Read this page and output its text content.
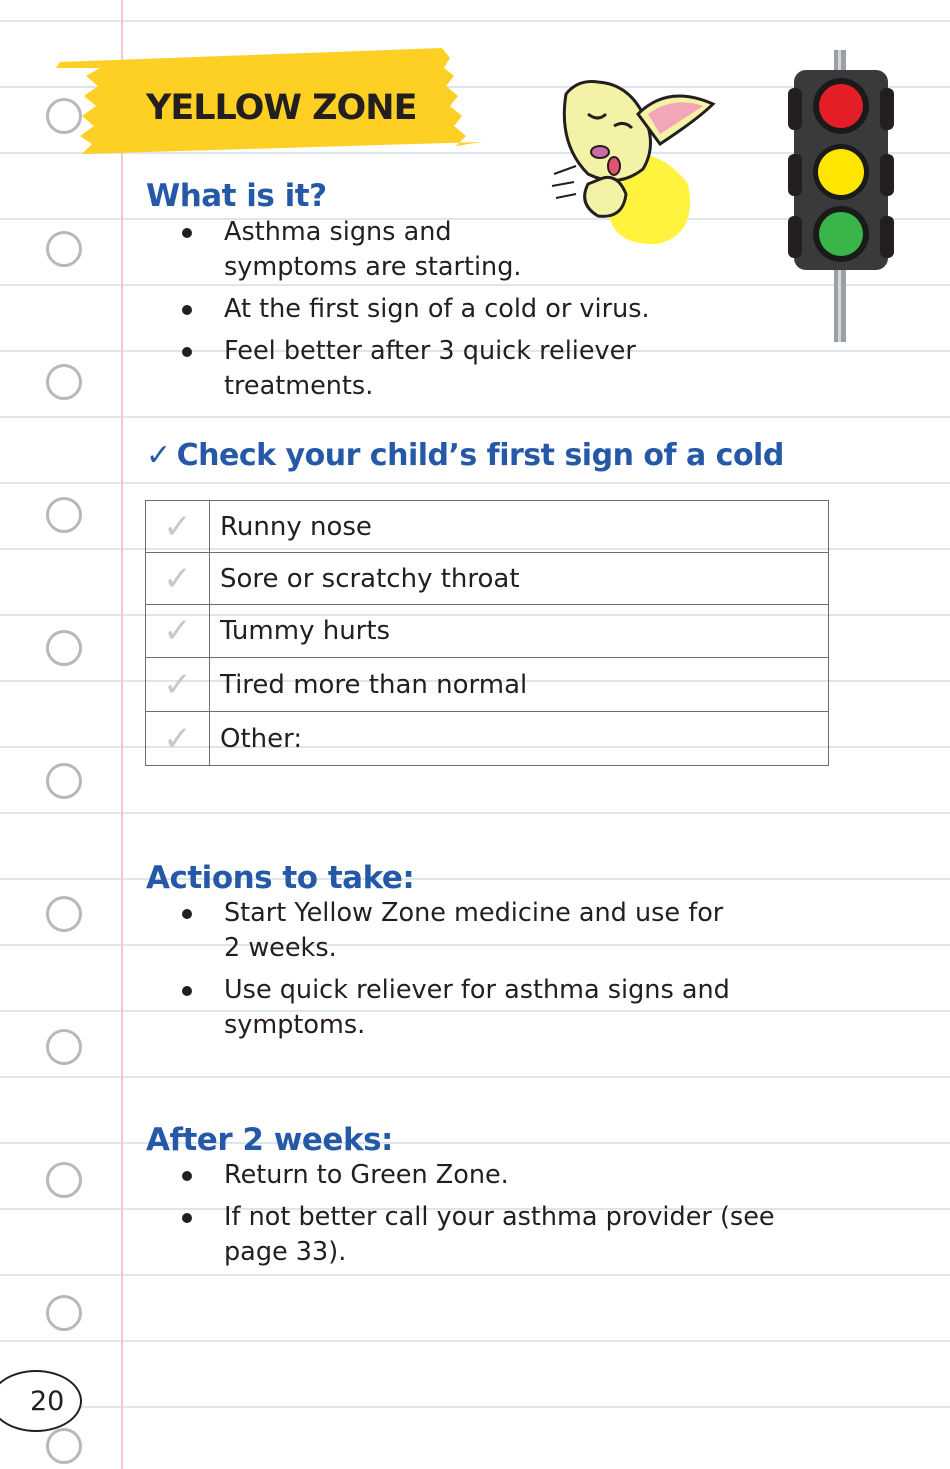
YELLOW ZONE
What is it?
Asthma signs and
symptoms are starting.
At the first sign of a cold or virus.
Feel better after 3 quick reliever treatments.
✓ Check your child’s first sign of a cold
✓	Runny nose
✓	Sore or scratchy throat
✓	Tummy hurts
✓	Tired more than normal
✓	Other:
Actions to take:
Start Yellow Zone medicine and use for
2 weeks.
Use quick reliever for asthma signs and
symptoms.
After 2 weeks:
Return to Green Zone.
If not better call your asthma provider (see
page 33).
20
